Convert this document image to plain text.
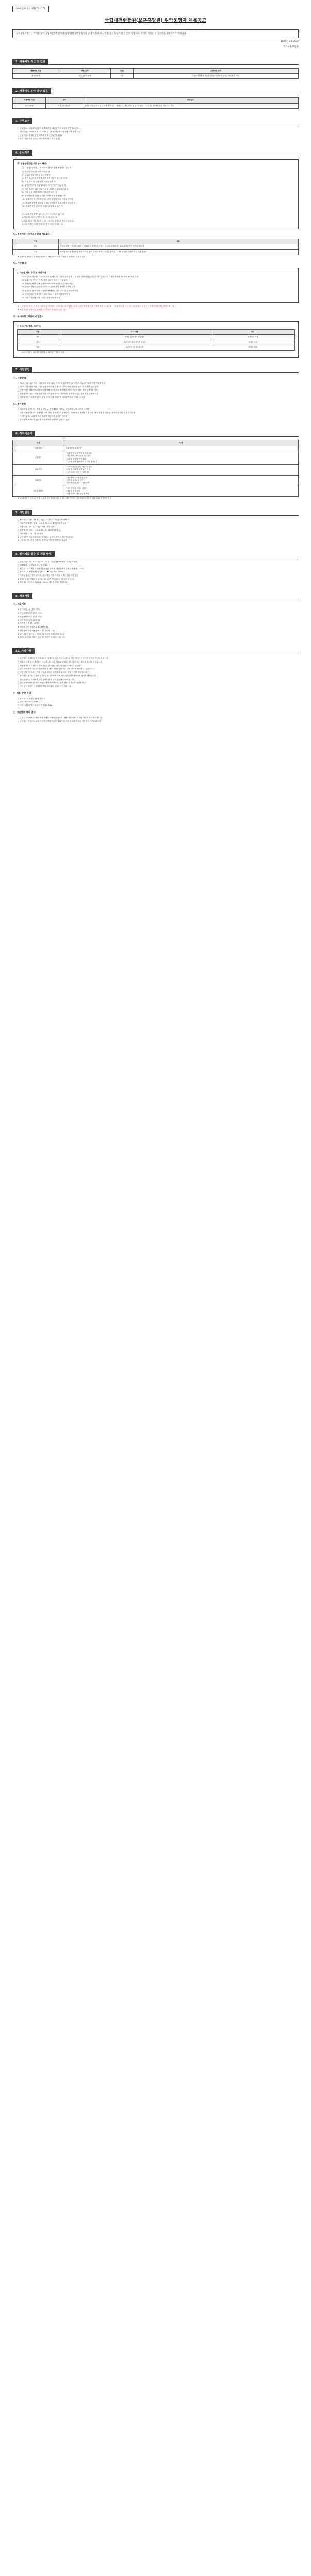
국가보훈부 공고 제2025 - 17호
국립대전현충원(보훈휴양원) 위탁운영자 채용공고
국가보훈부에서는 아래와 같이 국립대전현충원(보훈휴양원)의 위탁운영자를 공개 모집하오니, 관심 있는 분들의 많은 응모 바랍니다. 자세한 사항은 본 공고문을 참조하시기 바랍니다.
2025년 1월 24일
국가보훈부장관
1. 채용예정 직급 및 인원
채용예정 직급	채용 분야	인원	근무예정 위치
위탁운영자	보훈휴양원 운영	1명	국립대전현충원 보훈휴양원(대전광역시 유성구 현충원로 251)
2. 채용예정 분야 담당 업무
채용예정 직급	분야	담당업무
위탁운영자	보훈휴양원 운영	휴양원 시설물 관리 및 투숙객 관리 업무 · 예약관리, 객실 청소 및 침구류 관리 · 시설 점검 및 안전관리, 기타 부대 업무
3. 근무조건
○ 근무장소 : 국립대전현충원 보훈휴양원 (대전광역시 유성구 현충원로 251)
○ 계약기간 : 2025. 3. 1. ~ 2027. 2. 28. (2년), 평가결과에 따라 연장 가능
○ 근무시간 : 휴양원 운영시간 내 자율 운영 (연중무휴)
○ 보수 : 위탁운영 수익금으로 충당 (별도 보수 없음)
4. 응시자격
가. 공통자격요건(모든 분야 해당)
1) 「국가공무원법」 제33조의 결격사유에 해당하지 않는 자
2) 공고일 현재 만 18세 이상인 자
3) 남자의 경우 병역필 또는 면제자
4) 최근 5년 이내 숙박업 관련 운영 경험이 있는 자 우대
5) 시설 관리 및 고객 응대 능력을 갖춘 자
6) 위탁운영 계약 체결일로부터 즉시 근무가 가능한 자
7) 관련 법령에 따른 영업신고 및 사업자등록이 가능한 자
8) 기타 채용 관련 법령에 저촉되지 않는 자
9) 응시원서 접수마감일 기준 자격요건을 충족하는 자
10) 보훈가족 및 국가유공자는 관련 법령에 따라 가점을 부여함
11) 휴양원 운영에 필요한 시설물 및 비품의 유지관리가 가능한 자
12) 정해진 운영 규정 및 지침을 준수할 수 있는 자
※ 공고일 현재 결격사유가 있는 자는 응시할 수 없습니다.
※ 허위서류 제출 시 합격이 취소될 수 있습니다.
※ 제출서류의 기재사항이 사실과 다를 경우 불이익을 받을 수 있습니다.
※ 기타 자세한 사항은 담당자에게 문의하시기 바랍니다.
나. 결격사유 (국가공무원법 제33조)
구분	내용
필수	공고일 현재 「국가공무원법」 제33조의 결격사유가 없는 자로서, 위탁운영에 필요한 기본적인 자격을 갖춘 자
우대	숙박업 또는 관광숙박업 운영 경력자, 관련 자격증 소지자, 국가유공자 및 그 가족 등 관련 법령에 따른 우대 대상자
※ 우대사항 해당자는 증빙서류를 반드시 제출하여야 하며, 미제출 시 불이익이 있을 수 있음
다. 가산점 등
□ 가산점 적용 대상 및 가점 비율
① 취업지원대상자: 「국가유공자 등 예우 및 지원에 관한 법률」 등 관련 법령에 따른 취업지원대상자는 각 단계별 만점의 5% 또는 10%를 가산
② 장애인 및 장애인 가족: 관련 법령에 따라 가산점 부여
③ 가산점은 해당 단계 만점의 40% 이상 득점자에 한하여 적용
④ 가산점 적용은 본인이 신청하고 증빙서류를 제출한 경우에 한함
⑤ 동일인이 둘 이상의 가산점에 해당하는 경우 유리한 것 하나만 적용
⑥ 가산점 관련 증빙서류는 원서 접수 시 함께 제출하여야 함
⑦ 기타 가산점에 관한 사항은 관계 법령에 따름
※ 「국가유공자 등 예우 및 지원에 관한 법률」 등에 따른 취업지원대상자는 관련 법령에 따라 가점을 받을 수 있으며, 가점을 받고자 하는 자는 원서 접수 시 반드시 증빙서류를 제출하여야 합니다.
※ 보훈대상자 증빙서류 미제출 시 가점이 적용되지 않습니다.
라. 우대사항 (해당자에 한함)
□ 우대사항(경력, 자격 등)
구분	우대 내용	비고
경력	숙박업 운영 경력 3년 이상	증빙서류 제출
자격	관광·숙박 관련 자격증 소지자	자격증 사본
기타	보훈가족 및 국가유공자	확인서 제출
※ 우대사항은 서류전형 및 면접 시 평가에 반영될 수 있음
5. 시험방법
가. 시험방법
○ 제1차 시험(서류전형) : 채용분야 관련 경력, 자격, 자기소개서 등을 종합적으로 평가하여 적격 여부를 결정
○ 제2차 시험(면접시험) : 서류전형 합격자를 대상으로 직무수행에 필요한 능력 및 적격성 등을 평가
○ 면접시험은 위원별로 평정요소에 대해 상·중·하로 평가하며, 합격 기준에 따라 최종 합격자를 결정
○ 최종합격자 결정 : 면접시험 결과 고득점자 순으로 결정하되, 동점자가 있는 경우 관련 규정에 따름
○ 예비합격자 : 최종합격자의 임용 포기 등에 대비하여 예비합격자를 선정할 수 있음
나. 평가항목
○ 서류전형 평가항목 : 경력 및 전문성, 운영계획의 적정성, 시설관리 능력, 고객응대 역량
○ 면접시험 평가항목 : 공직자로서의 자세, 전문지식과 응용능력, 의사표현의 정확성과 논리성, 예의·품행 및 성실성, 창의력·의지력 및 발전 가능성
○ 각 평가항목은 위원별 채점 결과를 합산하여 평균을 산출함
○ 응시자가 적격자가 없는 경우 합격자를 선발하지 않을 수 있음
6. 직무기술서
구분	내용
채용분야	보훈휴양원 위탁운영
주요업무	· 휴양원 객실 예약 및 투숙객 관리
· 객실 청소, 세탁 및 침구류 관리
· 시설물 점검 및 안전관리
· 휴양원 운영 관련 각종 보고 및 행정업무
필요지식	· 숙박시설 운영 관련 법규 및 규정
· 시설물 관리 및 위생 관리 지식
· 고객서비스 및 응대 관련 지식
필요기술	· 예약관리 시스템 운용 능력
· 시설물 유지보수 능력
· 문서작성 및 컴퓨터 활용 능력
직무수행태도	· 고객 중심의 서비스 마인드
· 책임감 및 성실성
· 보훈가족에 대한 존중과 배려
※ 보훈휴양원은 국가유공자 및 그 유족 등의 휴양을 위한 시설로, 위탁운영자는 관련 법령 및 지침에 따라 성실히 운영하여야 함
7. 시험일정
○ 원서접수 기간 : '25. 1. 24.(금) ~ '25. 2. 7.(금) 18:00까지
○ 서류전형 합격자 발표 : '25. 2. 12.(수) 예정 (개별 통보)
○ 면접시험 : '25. 2. 14.(금) 예정 (개별 통보)
○ 최종합격자 발표 : '25. 2. 19.(수) 예정 (개별 통보)
○ 계약 체결 : '25. 2월 말 예정
※ 상기 일정은 기관 사정에 따라 변경될 수 있으며, 변경 시 개별 통보합니다.
※ 시험 장소 및 시간은 서류전형 합격자에 한하여 개별 통보합니다.
8. 원서제출 접수 및 제출 방법
○ 접수기간 : '25. 1. 24.(금) ~ '25. 2. 7.(금) 18:00까지 (도착분에 한함)
○ 접수방법 : 등기우편 또는 방문접수
○ 접수처 : 국가보훈부 국립대전현충원 관리과 (대전광역시 유성구 현충원로 251)
○ 문의처 : 국립대전현충원 관리과 (☎ 042-820-7000)
○ 이메일 접수는 받지 않으며, 접수 마감 이후 도착한 서류는 접수하지 않음
※ 제출된 서류는 반환하지 않으며, 채용 관련 목적 외에는 사용하지 않습니다.
※ 방문 접수 시 근무시간(09:00~18:00) 내에 접수하시기 바랍니다.
9. 채용서류
가. 제출서류
① 응시원서 1부 (별지 서식)
② 자기소개서 1부 (별지 서식)
③ 운영계획서 1부 (자유 서식)
④ 경력증명서 1부 (해당자)
⑤ 자격증 사본 1부 (해당자)
⑥ 가산점 관련 증빙서류 1부 (해당자)
⑦ 개인정보 수집·이용 동의서 1부 (별지 서식)
※ 모든 서류는 원본 또는 원본대조필 사본을 제출하여야 합니다.
※ 제출서류에 허위 사실이 있을 경우 합격이 취소될 수 있습니다.
10. 기타사항
○ 응시자는 응시원서 및 제출서류의 기재사항 착오 또는 누락으로 인한 불이익은 응시자 본인의 책임으로 합니다.
○ 제출된 서류 및 기재사항이 사실과 다르거나, 허위로 판명된 경우 합격 또는 계약을 취소할 수 있습니다.
○ 최종합격자라 하더라도 결격사유가 발견되는 경우 합격을 취소할 수 있습니다.
○ 위탁운영 계약 기간 중 관련 법령 및 계약 조건을 위반하는 경우 계약을 해지할 수 있습니다.
○ 시험 일정 및 장소는 기관 사정에 의하여 변경될 수 있으며, 변경 시 개별 통보합니다.
○ 응시자는 공고문 내용을 숙지하고 응시하여야 하며, 미숙지로 인한 불이익은 응시자 책임입니다.
○ 위탁운영자는 국가보훈부의 운영지침 및 관리·감독에 따라야 합니다.
○ 위탁운영에 필요한 세부 사항은 계약서에 따르며, 계약 체결 시 별도로 안내합니다.
○ 기타 문의사항은 국립대전현충원 관리과로 문의하시기 바랍니다.
□ 채용 관련 문의
○ 문의처 : 국립대전현충원 관리과
○ 전화 : 042-820-7000
○ 주소 : 대전광역시 유성구 현충원로 251
□ 개인정보 처리 안내
○ 수집된 개인정보는 채용 목적 외에는 사용하지 않으며, 채용 절차 종료 후 관련 법령에 따라 파기합니다.
○ 응시자는 개인정보 수집·이용에 동의하지 않을 권리가 있으나, 동의하지 않을 경우 응시가 제한됩니다.
